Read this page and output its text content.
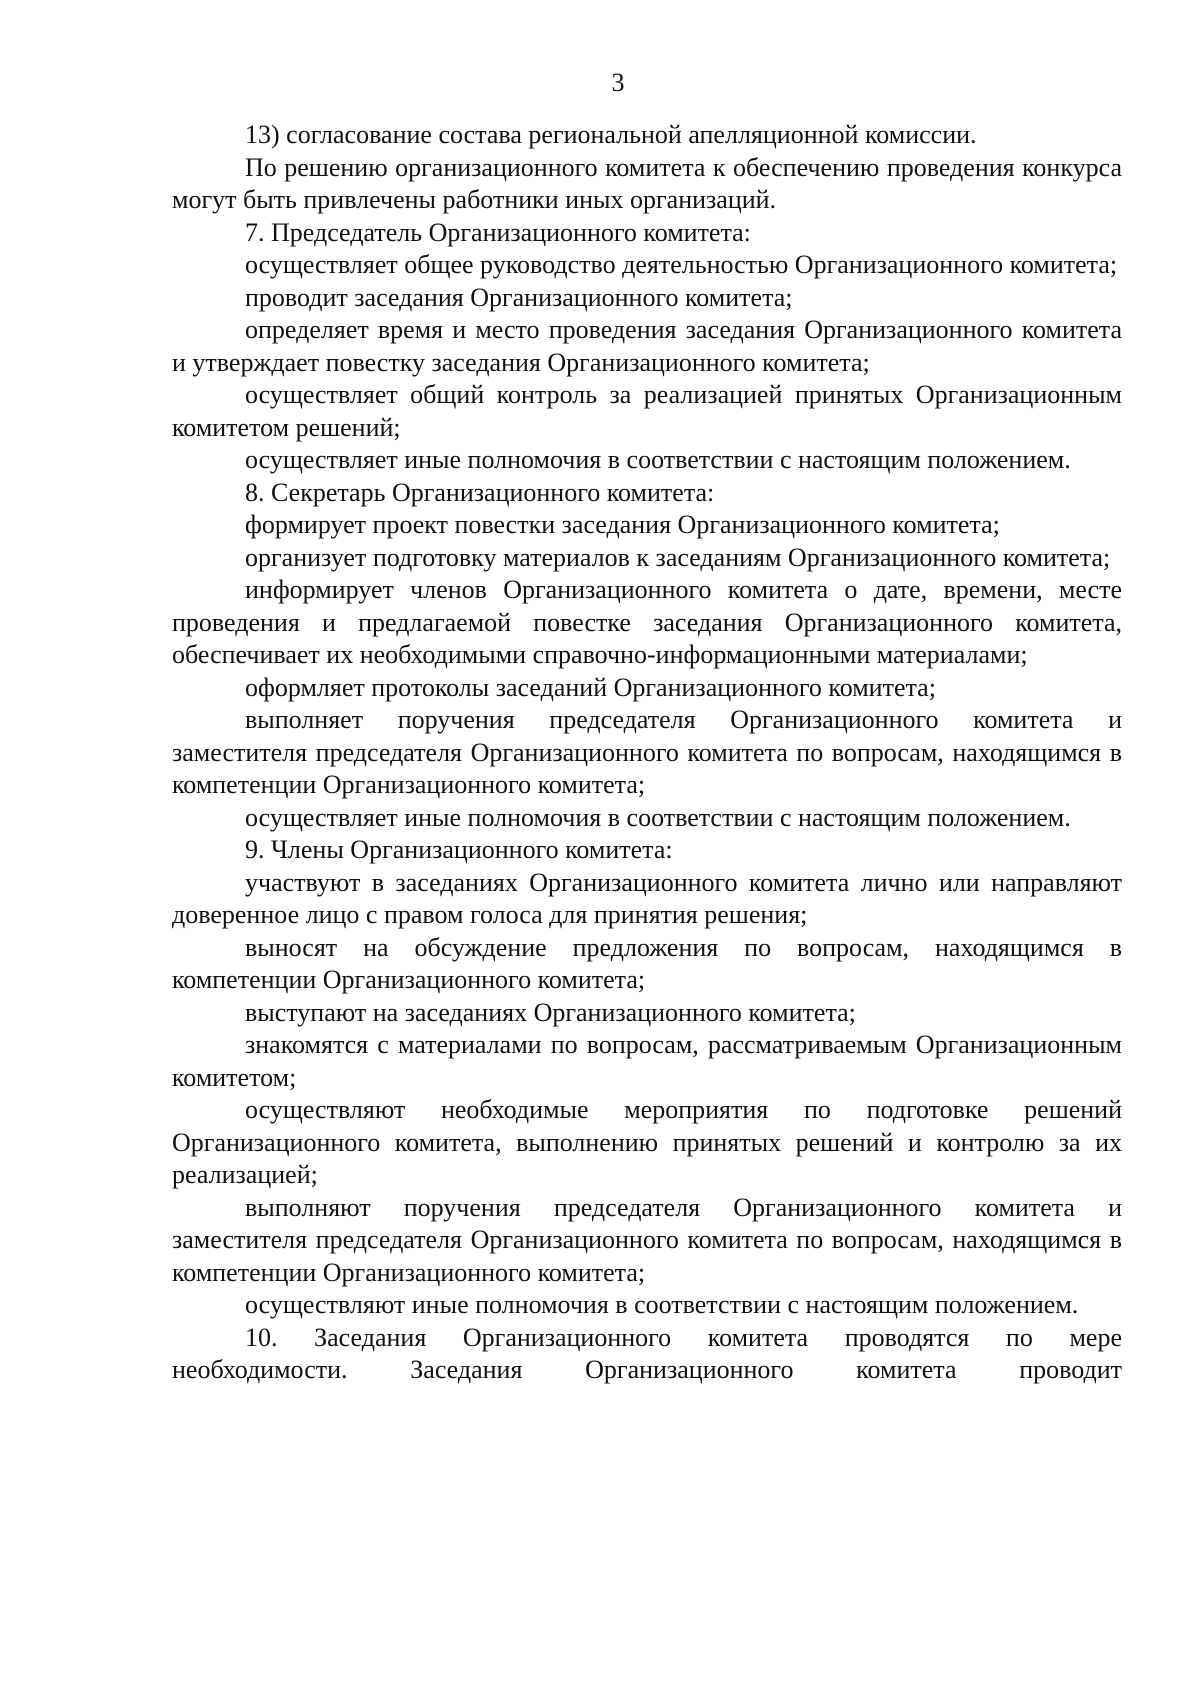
3

13) согласование состава региональной апелляционной комиссии.

По решению организационного комитета к обеспечению проведения конкурса могут быть привлечены работники иных организаций.

7. Председатель Организационного комитета:

осуществляет общее руководство деятельностью Организационного комитета;

проводит заседания Организационного комитета;

определяет время и место проведения заседания Организационного комитета и утверждает повестку заседания Организационного комитета;

осуществляет общий контроль за реализацией принятых Организационным комитетом решений;

осуществляет иные полномочия в соответствии с настоящим положением.

8. Секретарь Организационного комитета:

формирует проект повестки заседания Организационного комитета;

организует подготовку материалов к заседаниям Организационного комитета;

информирует членов Организационного комитета о дате, времени, месте проведения и предлагаемой повестке заседания Организационного комитета, обеспечивает их необходимыми справочно-информационными материалами;

оформляет протоколы заседаний Организационного комитета;

выполняет поручения председателя Организационного комитета и заместителя председателя Организационного комитета по вопросам, находящимся в компетенции Организационного комитета;

осуществляет иные полномочия в соответствии с настоящим положением.

9. Члены Организационного комитета:

участвуют в заседаниях Организационного комитета лично или направляют доверенное лицо с правом голоса для принятия решения;

выносят на обсуждение предложения по вопросам, находящимся в компетенции Организационного комитета;

выступают на заседаниях Организационного комитета;

знакомятся с материалами по вопросам, рассматриваемым Организационным комитетом;

осуществляют необходимые мероприятия по подготовке решений Организационного комитета, выполнению принятых решений и контролю за их реализацией;

выполняют поручения председателя Организационного комитета и заместителя председателя Организационного комитета по вопросам, находящимся в компетенции Организационного комитета;

осуществляют иные полномочия в соответствии с настоящим положением.

10. Заседания Организационного комитета проводятся по мере необходимости. Заседания Организационного комитета проводит
